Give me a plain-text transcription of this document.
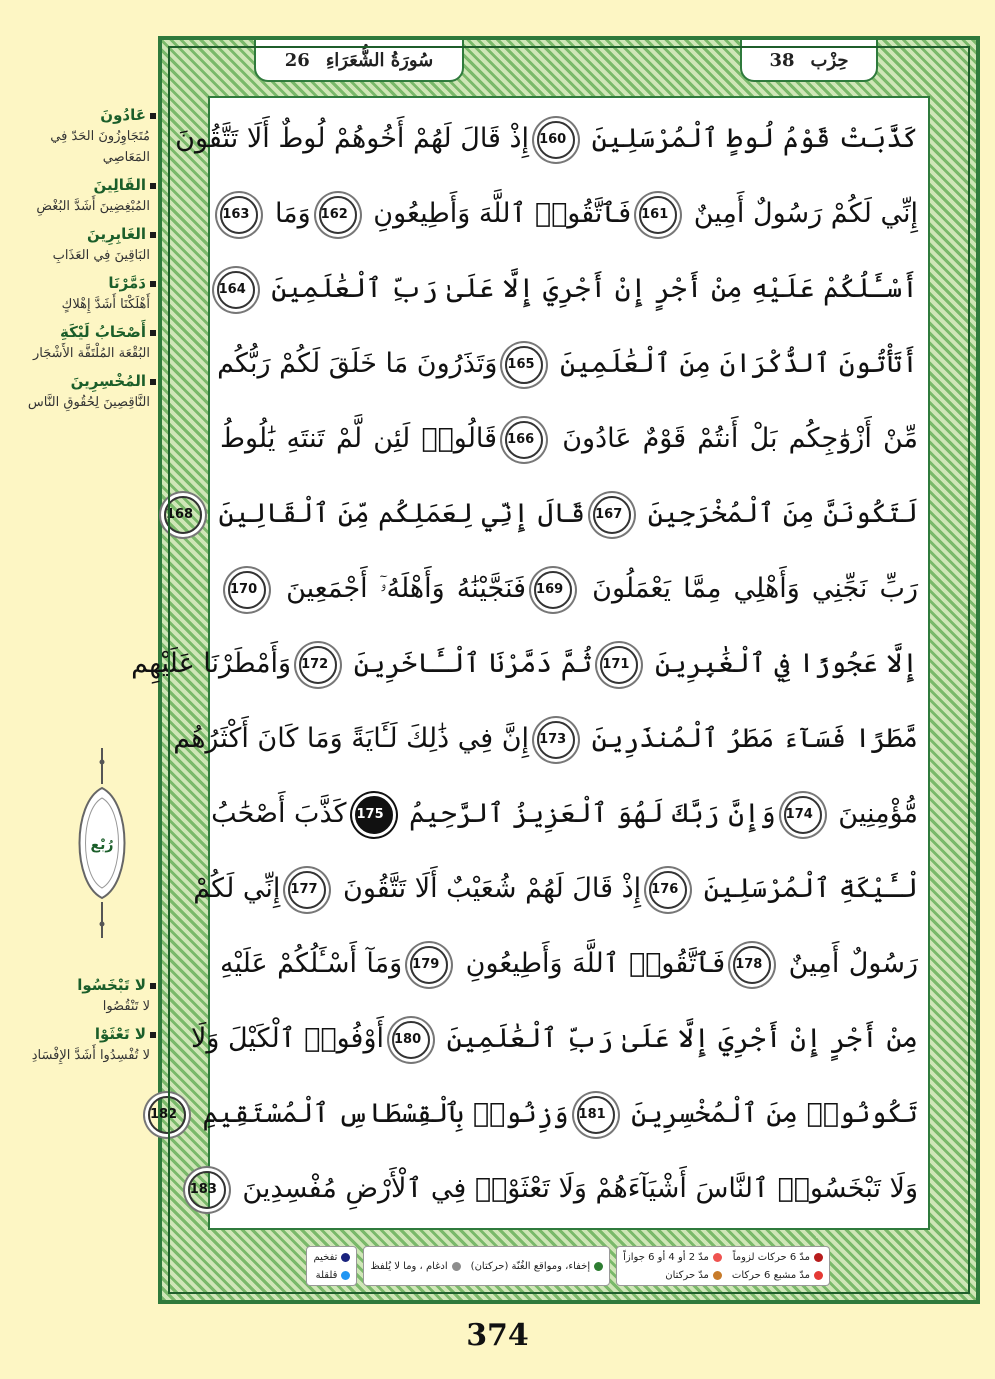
عَادُونَ
مُتَجَاوِزُونَ الحَدّ فِي المَعَاصِي
القَالِينَ
المُبْغِضِينَ أَشَدَّ البُغْضِ
الغَابِرِينَ
البَاقِينَ فِي العَذَابِ
دَمَّرْنَا
أَهْلَكْنَا أَشَدَّ إِهْلاكٍ
أَصْحَابُ لَيْكَةِ
البُقْعَة المُلْتَفَّة الأَشْجَار
المُخْسِرِينَ
النَّاقِصِينَ لِحُقُوقِ النَّاس
لا تَبْخَسُوا
لا تَنْقُصُوا
لا تَعْثَوْا
لا تُفْسِدُوا أَشَدَّ الإِفْسَادِ
رُبْع
سُورَةُ الشُّعَرَاءِ
26	حِزْب
38
كَذَّبَتْ قَوْمُ لُوطٍ ٱلْمُرْسَلِينَ 160إِذْ قَالَ لَهُمْ أَخُوهُمْ لُوطٌ أَلَا تَتَّقُونَ
إِنِّي لَكُمْ رَسُولٌ أَمِينٌ 161فَٱتَّقُوا۟ ٱللَّهَ وَأَطِيعُونِ 162وَمَا 163
أَسْـَٔلُكُمْ عَلَيْهِ مِنْ أَجْرٍ إِنْ أَجْرِيَ إِلَّا عَلَىٰ رَبِّ ٱلْعَٰلَمِينَ 164
أَتَأْتُونَ ٱلذُّكْرَانَ مِنَ ٱلْعَٰلَمِينَ 165وَتَذَرُونَ مَا خَلَقَ لَكُمْ رَبُّكُم
مِّنْ أَزْوَٰجِكُم بَلْ أَنتُمْ قَوْمٌ عَادُونَ 166قَالُوا۟ لَئِن لَّمْ تَنتَهِ يَٰلُوطُ
لَتَكُونَنَّ مِنَ ٱلْمُخْرَجِينَ 167قَالَ إِنِّي لِعَمَلِكُم مِّنَ ٱلْقَالِينَ 168
رَبِّ نَجِّنِي وَأَهْلِي مِمَّا يَعْمَلُونَ 169فَنَجَّيْنَٰهُ وَأَهْلَهُۥٓ أَجْمَعِينَ 170
إِلَّا عَجُوزًا فِي ٱلْغَٰبِرِينَ 171ثُمَّ دَمَّرْنَا ٱلْـَٔاخَرِينَ 172وَأَمْطَرْنَا عَلَيْهِم
مَّطَرًا فَسَآءَ مَطَرُ ٱلْمُنذَرِينَ 173إِنَّ فِي ذَٰلِكَ لَـَٔايَةً وَمَا كَانَ أَكْثَرُهُم
مُّؤْمِنِينَ 174وَإِنَّ رَبَّكَ لَهُوَ ٱلْعَزِيزُ ٱلرَّحِيمُ 175كَذَّبَ أَصْحَٰبُ
لْـَٔيْكَةِ ٱلْمُرْسَلِينَ 176إِذْ قَالَ لَهُمْ شُعَيْبٌ أَلَا تَتَّقُونَ 177إِنِّي لَكُمْ
رَسُولٌ أَمِينٌ 178فَٱتَّقُوا۟ ٱللَّهَ وَأَطِيعُونِ 179وَمَآ أَسْـَٔلُكُمْ عَلَيْهِ
مِنْ أَجْرٍ إِنْ أَجْرِيَ إِلَّا عَلَىٰ رَبِّ ٱلْعَٰلَمِينَ 180أَوْفُوا۟ ٱلْكَيْلَ وَلَا
تَكُونُوا۟ مِنَ ٱلْمُخْسِرِينَ 181وَزِنُوا۟ بِٱلْقِسْطَاسِ ٱلْمُسْتَقِيمِ 182
وَلَا تَبْخَسُوا۟ ٱلنَّاسَ أَشْيَآءَهُمْ وَلَا تَعْثَوْا۟ فِي ٱلْأَرْضِ مُفْسِدِينَ 183
مدّ 6 حركات لزوماً
مدّ 2 أو 4 أو 6 جوازاً
مدّ مشبع 6 حركات
مدّ حركتان
إخفاء، ومواقع الغُنّة (حركتان)
ادغام ، وما لا يُلفظ
تفخيم
قلقلة
374
